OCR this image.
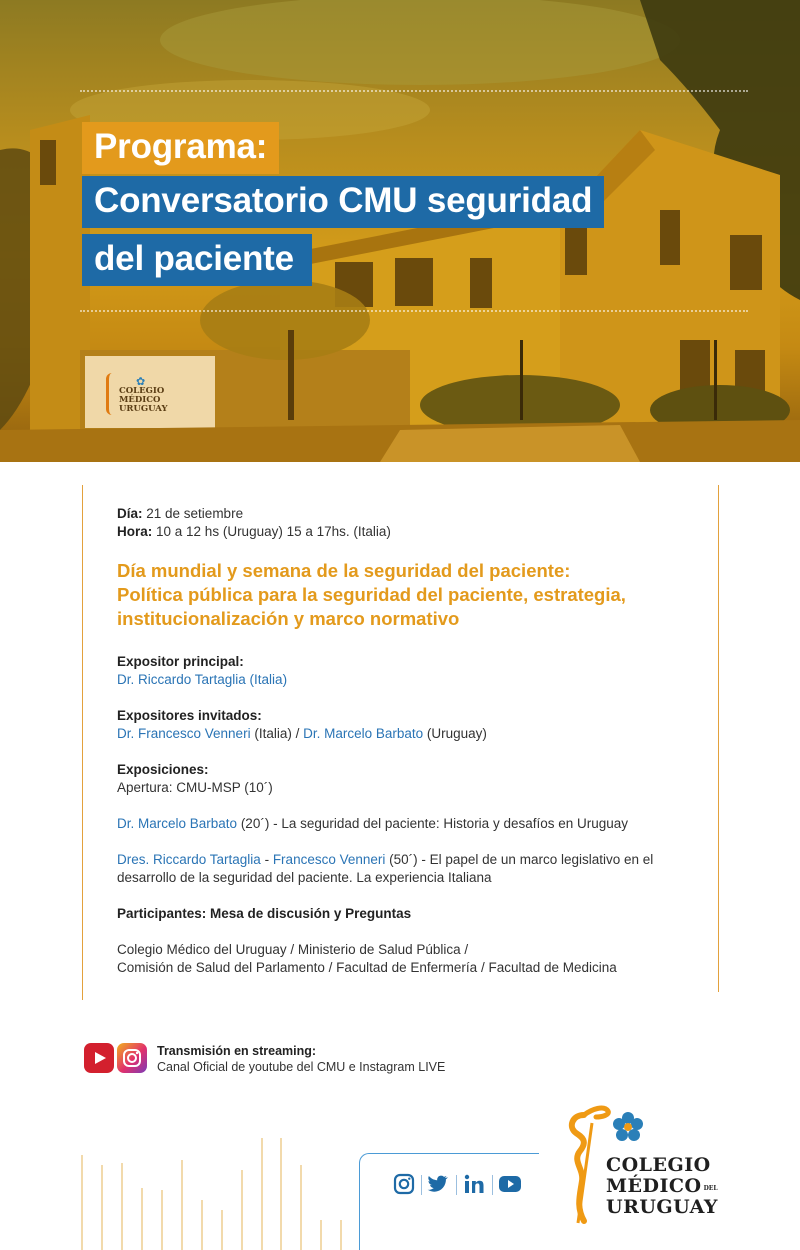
✿
COLEGIO
MÉDICO
URUGUAY
Programa:
Conversatorio CMU seguridad
del paciente
Día: 21 de setiembre
Hora: 10 a 12 hs (Uruguay) 15 a 17hs. (Italia)
Día mundial y semana de la seguridad del paciente:
Política pública para la seguridad del paciente, estrategia,
institucionalización y marco normativo
Expositor principal:
Dr. Riccardo Tartaglia (Italia)
Expositores invitados:
Dr. Francesco Venneri (Italia) / Dr. Marcelo Barbato (Uruguay)
Exposiciones:
Apertura: CMU-MSP (10´)
Dr. Marcelo Barbato (20´) - La seguridad del paciente: Historia y desafíos en Uruguay
Dres. Riccardo Tartaglia - Francesco Venneri (50´) - El papel de un marco legislativo en el
desarrollo de la seguridad del paciente. La experiencia Italiana
Participantes: Mesa de discusión y Preguntas
Colegio Médico del Uruguay / Ministerio de Salud Pública /
Comisión de Salud del Parlamento / Facultad de Enfermería / Facultad de Medicina
Transmisión en streaming:
Canal Oficial de youtube del CMU e Instagram LIVE
COLEGIO
MÉDICO DEL
URUGUAY
